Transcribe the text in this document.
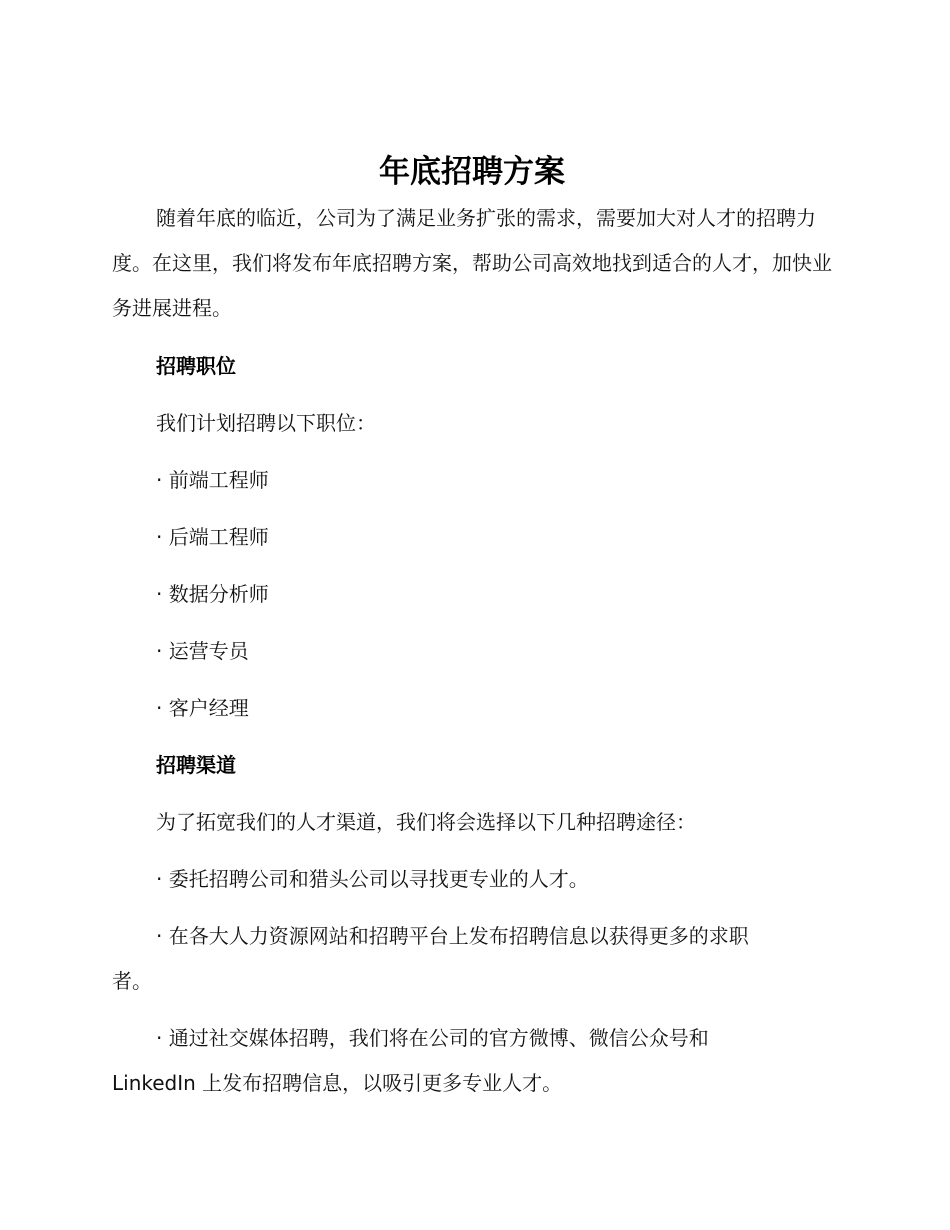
年底招聘方案

随着年底的临近，公司为了满足业务扩张的需求，需要加大对人才的招聘力度。在这里，我们将发布年底招聘方案，帮助公司高效地找到适合的人才，加快业务进展进程。

招聘职位
我们计划招聘以下职位：
· 前端工程师
· 后端工程师
· 数据分析师
· 运营专员
· 客户经理
招聘渠道
为了拓宽我们的人才渠道，我们将会选择以下几种招聘途径：
· 委托招聘公司和猎头公司以寻找更专业的人才。
· 在各大人力资源网站和招聘平台上发布招聘信息以获得更多的求职者。
· 通过社交媒体招聘，我们将在公司的官方微博、微信公众号和 LinkedIn 上发布招聘信息，以吸引更多专业人才。
